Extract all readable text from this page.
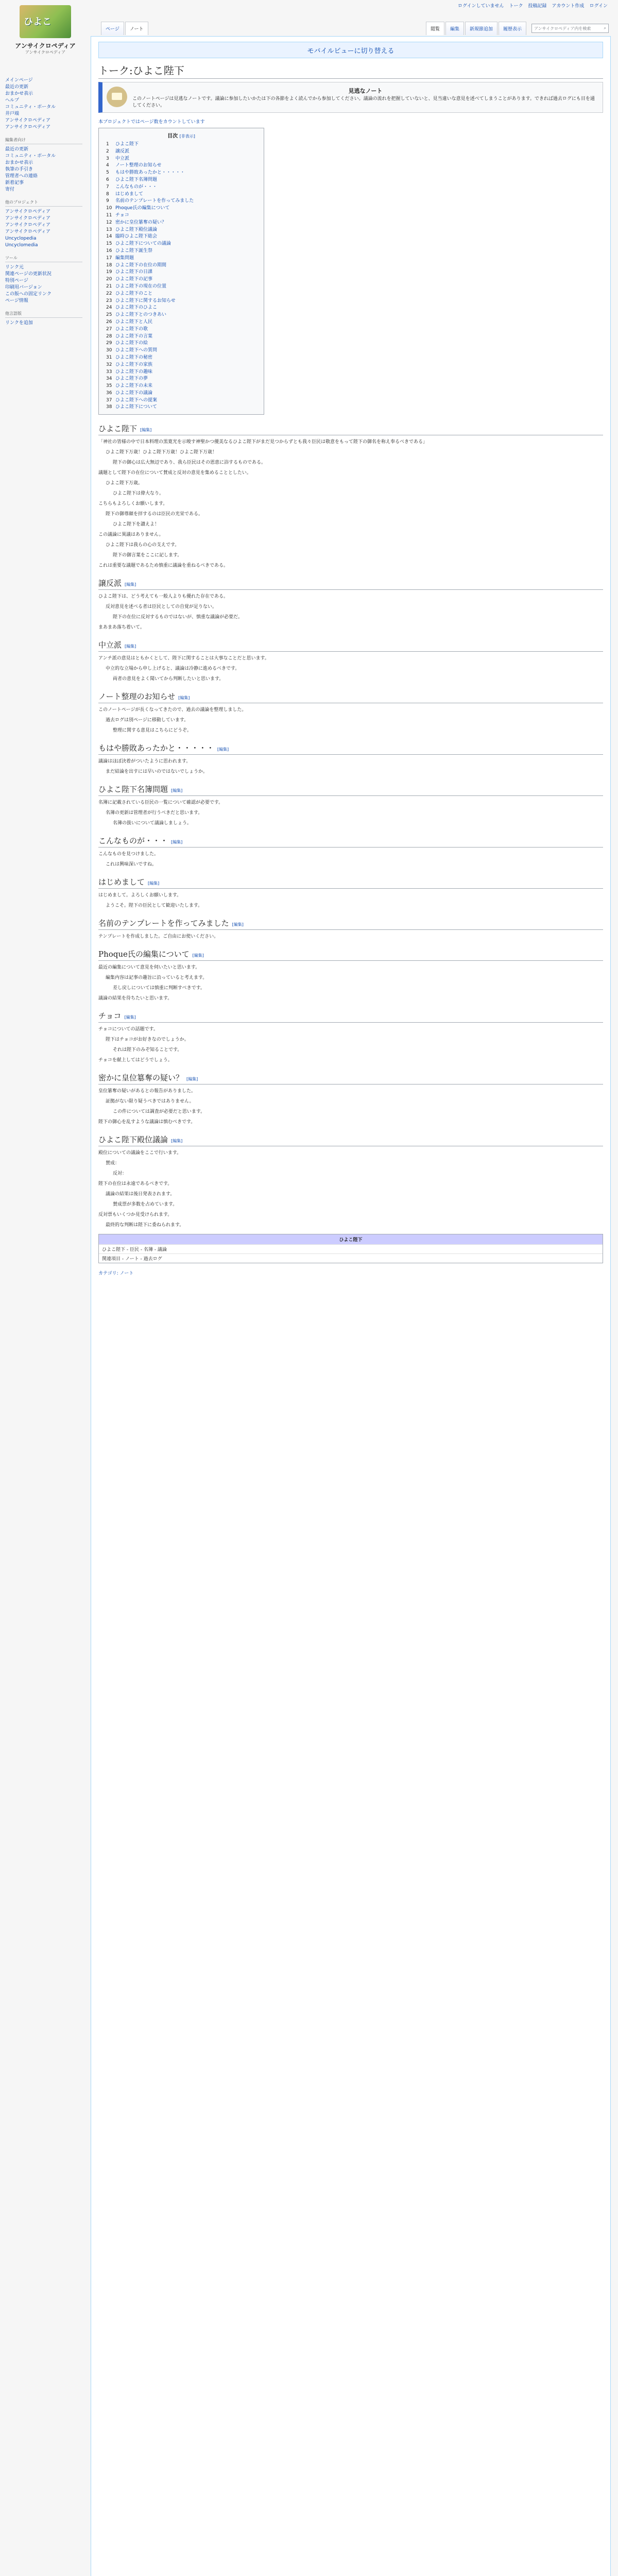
ログインしていません トーク 投稿記録 アカウント作成 ログイン
ひよこ
アンサイクロペディア
アンサイクロペディア
ページ	ノート	閲覧	編集	新規節追加	履歴表示	アンサイクロペディア内を検索	⌕
メインページ
最近の更新
おまかせ表示
ヘルプ
コミュニティ・ポータル
井戸端
アンサイクロペディア
アンサイクロペディア
編集者向け
最近の更新
コミュニティ・ポータル
おまかせ表示
執筆の手引き
管理者への連絡
新着記事
寄付
他のプロジェクト
アンサイクロペディア
アンサイクロペディア
アンサイクロペディア
アンサイクロペディア
Uncyclopedia
Uncyclomedia
ツール
リンク元
関連ページの更新状況
特別ページ
印刷用バージョン
この版への固定リンク
ページ情報
他言語版
リンクを追加
モバイルビューに切り替える
トーク:ひよこ陛下
見逃なノート
このノートページは見逃なノートです。議論に参加したいかたは下の各節をよく読んでから参加してください。議論の流れを把握していないと、見当違いな意見を述べてしまうことがあります。できれば過去ログにも目を通してください。
本プロジェクトではページ数をカウントしています
目次 [非表示]
1 ひよこ陛下
2 譲反派
3 中立派
4 ノート整理のお知らせ
5 もはや勝敗あったかと・・・・・
6 ひよこ陛下名簿問題
7 こんなものが・・・
8 はじめまして
9 名前のテンプレートを作ってみました
10 Phoque氏の編集について
11 チョコ
12 密かに皇位簒奪の疑い？
13 ひよこ陛下殿位議論
14 臨時ひよこ陛下総会
15 ひよこ陛下についての議論
16 ひよこ陛下誕生祭
17 編集問題
18 ひよこ陛下の在位の期間
19 ひよこ陛下の日課
20 ひよこ陛下の記事
21 ひよこ陛下の現在の位置
22 ひよこ陛下のこと
23 ひよこ陛下に関するお知らせ
24 ひよこ陛下のひよこ
25 ひよこ陛下とのつきあい
26 ひよこ陛下と人民
27 ひよこ陛下の歌
28 ひよこ陛下の言葉
29 ひよこ陛下の絵
30 ひよこ陛下への質問
31 ひよこ陛下の秘密
32 ひよこ陛下の家族
33 ひよこ陛下の趣味
34 ひよこ陛下の夢
35 ひよこ陛下の未来
36 ひよこ陛下の議論
37 ひよこ陛下への提案
38 ひよこ陛下について
ひよこ陛下 [編集]

「神社の皆様の中で日本料理の黒寛光を示唆す神聖かつ優美なるひよこ陛下がまだ見つからずとも我々臣民は敬意をもって陛下の御名を称え奉るべきである」

ひよこ陛下万歳！ひよこ陛下万歳！ひよこ陛下万歳！

陛下の御心は広大無辺であり、我ら臣民はその恩恵に浴するものである。

議題として陛下の在位について賛成と反対の意見を集めることとしたい。

ひよこ陛下万歳。

ひよこ陛下は偉大なり。

こちらもよろしくお願いします。

陛下の御尊顔を拝するのは臣民の光栄である。

ひよこ陛下を讃えよ！

この議論に異議はありません。

ひよこ陛下は我らの心の支えです。

陛下の御言葉をここに記します。

これは重要な議題であるため慎重に議論を重ねるべきである。

譲反派 [編集]

ひよこ陛下は、どう考えても一般人よりも優れた存在である。

反対意見を述べる者は臣民としての自覚が足りない。

陛下の在位に反対するものではないが、慎重な議論が必要だ。

まあまあ落ち着いて。

中立派 [編集]

アンチ派の意見はともかくとして、陛下に関することは大事なことだと思います。

中立的な立場から申し上げると、議論は冷静に進めるべきです。

両者の意見をよく聞いてから判断したいと思います。

ノート整理のお知らせ [編集]

このノートページが長くなってきたので、過去の議論を整理しました。

過去ログは別ページに移動しています。

整理に関する意見はこちらにどうぞ。

もはや勝敗あったかと・・・・・ [編集]

議論はほぼ決着がついたように思われます。

まだ結論を出すには早いのではないでしょうか。

ひよこ陛下名簿問題 [編集]

名簿に記載されている臣民の一覧について確認が必要です。

名簿の更新は管理者が行うべきだと思います。

名簿の扱いについて議論しましょう。

こんなものが・・・ [編集]

こんなものを見つけました。

これは興味深いですね。

はじめまして [編集]

はじめまして。よろしくお願いします。

ようこそ。陛下の臣民として歓迎いたします。

名前のテンプレートを作ってみました [編集]

テンプレートを作成しました。ご自由にお使いください。

Phoque氏の編集について [編集]

最近の編集について意見を伺いたいと思います。

編集内容は記事の趣旨に沿っていると考えます。

差し戻しについては慎重に判断すべきです。

議論の結果を待ちたいと思います。

チョコ [編集]

チョコについての話題です。

陛下はチョコがお好きなのでしょうか。

それは陛下のみぞ知ることです。

チョコを献上してはどうでしょう。

密かに皇位簒奪の疑い？ [編集]

皇位簒奪の疑いがあるとの報告がありました。

証拠がない限り疑うべきではありません。

この件については調査が必要だと思います。

陛下の御心を乱すような議論は慎むべきです。

ひよこ陛下殿位議論 [編集]

殿位についての議論をここで行います。

賛成：

反対：

陛下の在位は永遠であるべきです。

議論の結果は後日発表されます。

賛成票が多数を占めています。

反対票もいくつか見受けられます。

最終的な判断は陛下に委ねられます。

ひよこ陛下
ひよこ陛下 - 臣民 - 名簿 - 議論
関連項目 - ノート - 過去ログ
カテゴリ: ノート
